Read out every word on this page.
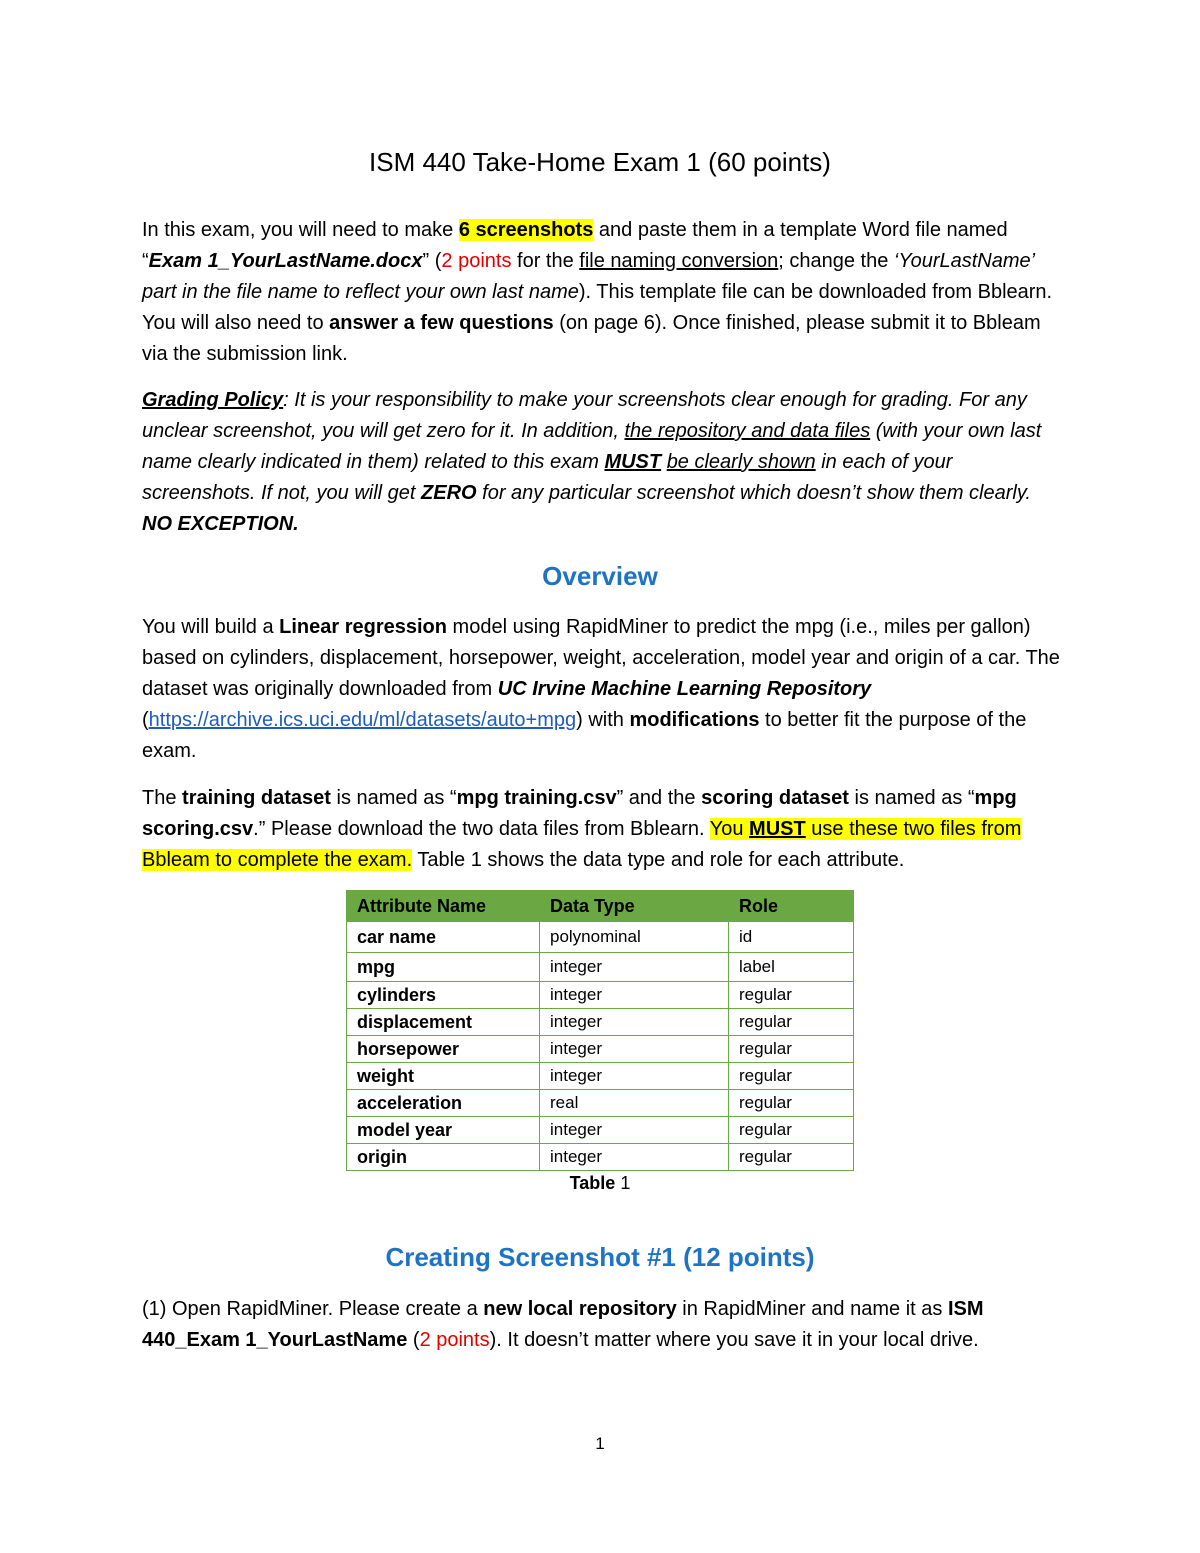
ISM 440 Take-Home Exam 1 (60 points)
In this exam, you will need to make 6 screenshots and paste them in a template Word file named “Exam 1_YourLastName.docx” (2 points for the file naming conversion; change the ‘YourLastName’ part in the file name to reflect your own last name). This template file can be downloaded from Bblearn. You will also need to answer a few questions (on page 6). Once finished, please submit it to Bbleam via the submission link.
Grading Policy: It is your responsibility to make your screenshots clear enough for grading. For any unclear screenshot, you will get zero for it. In addition, the repository and data files (with your own last name clearly indicated in them) related to this exam MUST be clearly shown in each of your screenshots. If not, you will get ZERO for any particular screenshot which doesn’t show them clearly. NO EXCEPTION.
Overview
You will build a Linear regression model using RapidMiner to predict the mpg (i.e., miles per gallon) based on cylinders, displacement, horsepower, weight, acceleration, model year and origin of a car. The dataset was originally downloaded from UC Irvine Machine Learning Repository (https://archive.ics.uci.edu/ml/datasets/auto+mpg) with modifications to better fit the purpose of the exam.
The training dataset is named as “mpg training.csv” and the scoring dataset is named as “mpg scoring.csv.” Please download the two data files from Bblearn. You MUST use these two files from Bbleam to complete the exam. Table 1 shows the data type and role for each attribute.
Attribute Name	Data Type	Role
car name	polynominal	id
mpg	integer	label
cylinders	integer	regular
displacement	integer	regular
horsepower	integer	regular
weight	integer	regular
acceleration	real	regular
model year	integer	regular
origin	integer	regular
Table 1
Creating Screenshot #1 (12 points)
(1) Open RapidMiner. Please create a new local repository in RapidMiner and name it as ISM 440_Exam 1_YourLastName (2 points). It doesn’t matter where you save it in your local drive.
1
